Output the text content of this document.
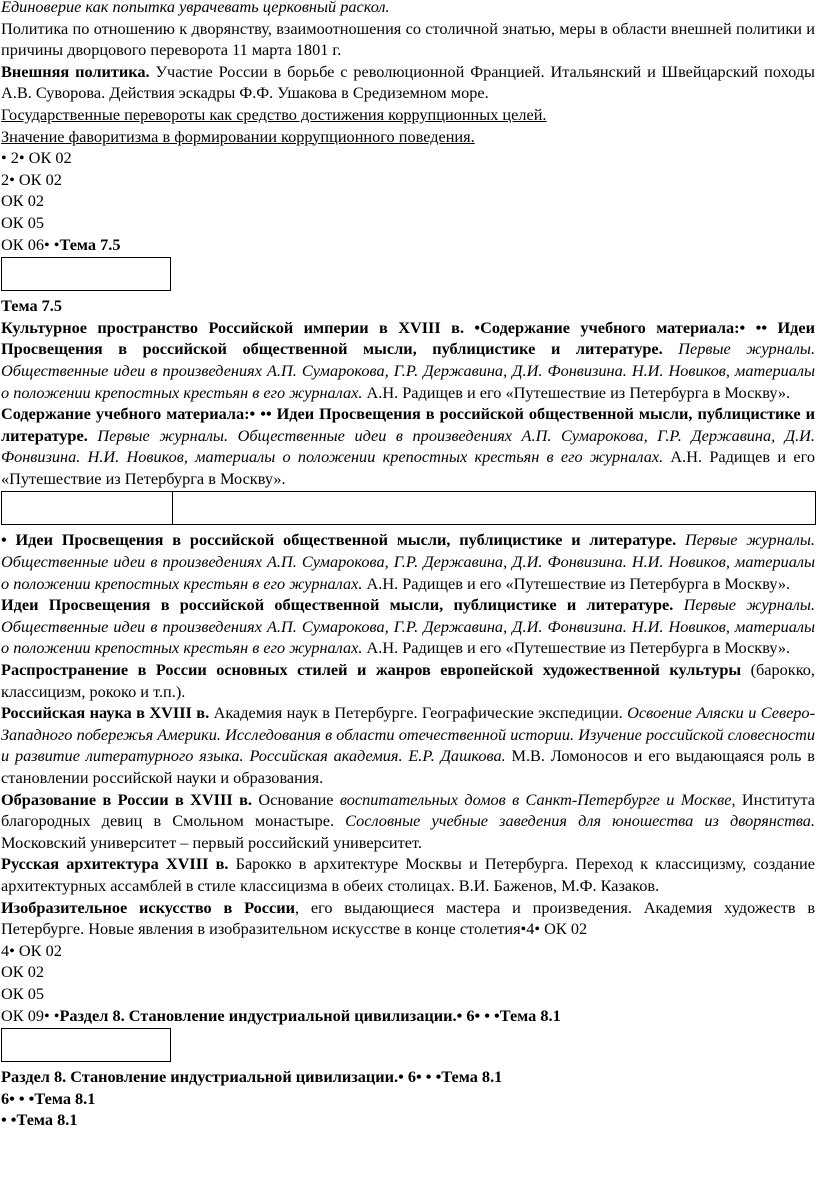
Единоверие как попытка уврачевать церковный раскол.

Политика по отношению к дворянству, взаимоотношения со столичной знатью, меры в области внешней политики и причины дворцового переворота 11 марта 1801 г.

Внешняя политика. Участие России в борьбе с революционной Францией. Итальянский и Швейцарский походы А.В. Суворова. Действия эскадры Ф.Ф. Ушакова в Средиземном море.

Государственные перевороты как средство достижения коррупционных целей.

Значение фаворитизма в формировании коррупционного поведения.

• 2• ОК 02

2• ОК 02

ОК 02

ОК 05

ОК 06• •Тема 7.5

Тема 7.5

Культурное пространство Российской империи в XVIII в. •Содержание учебного материала:• •• Идеи Просвещения в российской общественной мысли, публицистике и литературе. Первые журналы. Общественные идеи в произведениях А.П. Сумарокова, Г.Р. Державина, Д.И. Фонвизина. Н.И. Новиков, материалы о положении крепостных крестьян в его журналах. А.Н. Радищев и его «Путешествие из Петербурга в Москву».

Содержание учебного материала:• •• Идеи Просвещения в российской общественной мысли, публицистике и литературе. Первые журналы. Общественные идеи в произведениях А.П. Сумарокова, Г.Р. Державина, Д.И. Фонвизина. Н.И. Новиков, материалы о положении крепостных крестьян в его журналах. А.Н. Радищев и его «Путешествие из Петербурга в Москву».

• Идеи Просвещения в российской общественной мысли, публицистике и литературе. Первые журналы. Общественные идеи в произведениях А.П. Сумарокова, Г.Р. Державина, Д.И. Фонвизина. Н.И. Новиков, материалы о положении крепостных крестьян в его журналах. А.Н. Радищев и его «Путешествие из Петербурга в Москву».

Идеи Просвещения в российской общественной мысли, публицистике и литературе. Первые журналы. Общественные идеи в произведениях А.П. Сумарокова, Г.Р. Державина, Д.И. Фонвизина. Н.И. Новиков, материалы о положении крепостных крестьян в его журналах. А.Н. Радищев и его «Путешествие из Петербурга в Москву».

Распространение в России основных стилей и жанров европейской художественной культуры (барокко, классицизм, рококо и т.п.).

Российская наука в XVIII в. Академия наук в Петербурге. Географические экспедиции. Освоение Аляски и Северо-Западного побережья Америки. Исследования в области отечественной истории. Изучение российской словесности и развитие литературного языка. Российская академия. Е.Р. Дашкова. М.В. Ломоносов и его выдающаяся роль в становлении российской науки и образования.

Образование в России в XVIII в. Основание воспитательных домов в Санкт-Петербурге и Москве, Института благородных девиц в Смольном монастыре. Сословные учебные заведения для юношества из дворянства. Московский университет – первый российский университет.

Русская архитектура XVIII в. Барокко в архитектуре Москвы и Петербурга. Переход к классицизму, создание архитектурных ассамблей в стиле классицизма в обеих столицах. В.И. Баженов, М.Ф. Казаков.

Изобразительное искусство в России, его выдающиеся мастера и произведения. Академия художеств в Петербурге. Новые явления в изобразительном искусстве в конце столетия•4• ОК 02

4• ОК 02

ОК 02

ОК 05

ОК 09• •Раздел 8. Становление индустриальной цивилизации.• 6• • •Тема 8.1

Раздел 8. Становление индустриальной цивилизации.• 6• • •Тема 8.1

6• • •Тема 8.1

• •Тема 8.1
